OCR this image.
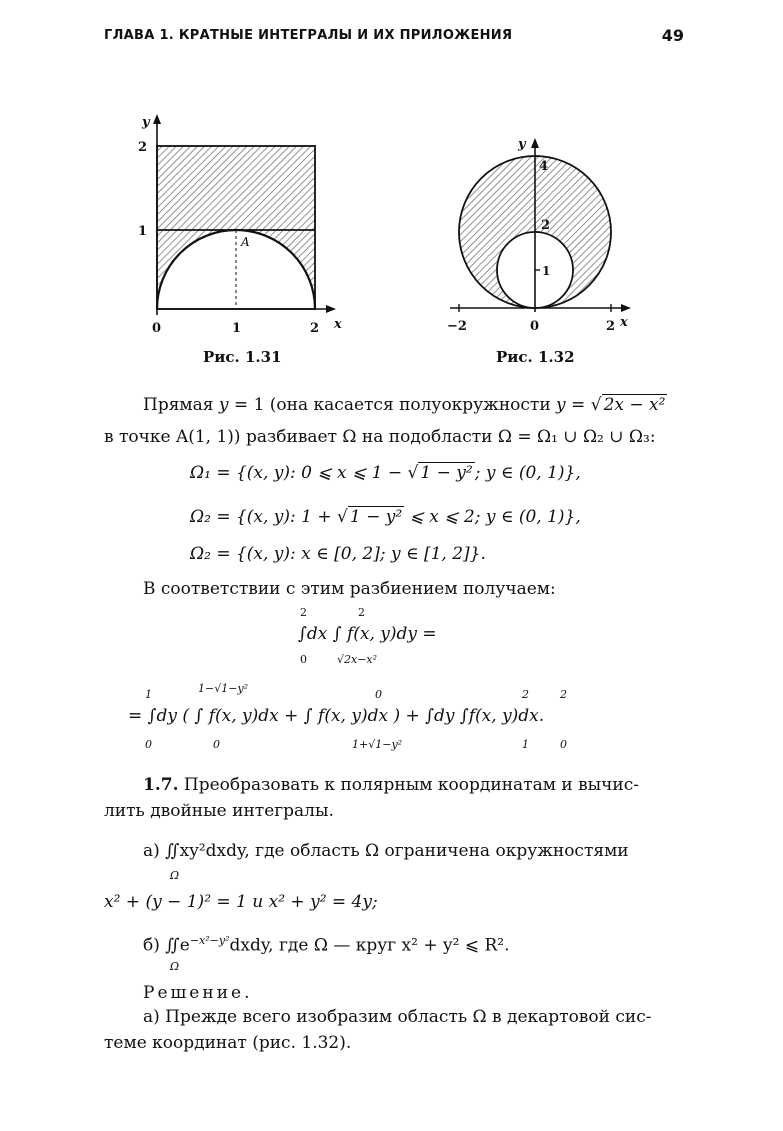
ГЛАВА 1. КРАТНЫЕ ИНТЕГРАЛЫ И ИХ ПРИЛОЖЕНИЯ	49
y
x
2
1
0	1	2
A
Рис. 1.31
y
x
4
2
1
−2	0	2
Рис. 1.32
Прямая y = 1 (она касается полуокружности y = √ 2x − x²
в точке A(1, 1)) разбивает Ω на подобласти Ω = Ω₁ ∪ Ω₂ ∪ Ω₃:
Ω₁ = {(x, y): 0 ⩽ x ⩽ 1 − √ 1 − y² ; y ∈ (0, 1)},
Ω₂ = {(x, y): 1 + √ 1 − y² ⩽ x ⩽ 2; y ∈ (0, 1)},
Ω₂ = {(x, y): x ∈ [0, 2]; y ∈ [1, 2]}.
В соответствии с этим разбиением получаем:
2	2
∫dx ∫ f(x, y)dy =
0	√2x−x²
1	1−√1−y²	0	2	2
= ∫dy ( ∫ f(x, y)dx + ∫ f(x, y)dx ) + ∫dy ∫f(x, y)dx.
0	0	1+√1−y²	1	0
1.7. Преобразовать к полярным координатам и вычис-
лить двойные интегралы.
а) ∬xy²dxdy, где область Ω ограничена окружностями
Ω
x² + (y − 1)² = 1 и x² + y² = 4y;
б) $∬e^{-x^2-y^2}dxdy$, где Ω — круг x² + y² ⩽ R².
Ω
Решение.
а) Прежде всего изобразим область Ω в декартовой сис-
теме координат (рис. 1.32).
